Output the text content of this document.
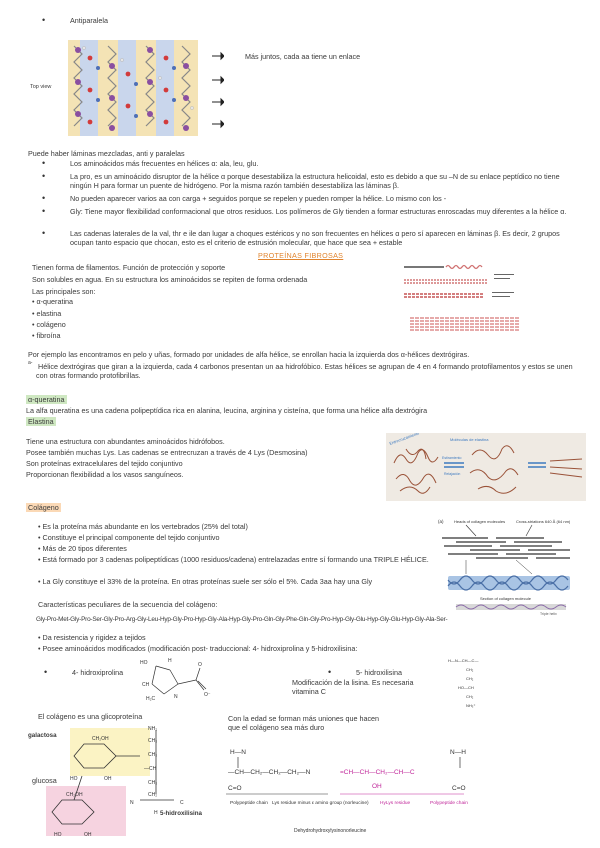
• Antiparalela
Top view
Más juntos, cada aa tiene un enlace
Puede haber láminas mezcladas, anti y paralelas
• Los aminoácidos más frecuentes en hélices α: ala, leu, glu.
• La pro, es un aminoácido disruptor de la hélice α porque desestabiliza la estructura helicoidal, esto es debido a que su –N de su enlace peptídico no tiene ningún H para formar un puente de hidrógeno. Por la misma razón también desestabiliza las láminas β.
• No pueden aparecer varios aa con carga + seguidos porque se repelen y pueden romper la hélice. Lo mismo con los -
• Gly: Tiene mayor flexibilidad conformacional que otros residuos. Los polímeros de Gly tienden a formar estructuras enroscadas muy diferentes a la hélice α.
• Las cadenas laterales de la val, thr e ile dan lugar a choques estéricos y no son frecuentes en hélices α pero sí aparecen en láminas β. Es decir, 2 grupos ocupan tanto espacio que chocan, esto es el criterio de estrusión molecular, que hace que sea + estable
PROTEÍNAS FIBROSAS
Tienen forma de filamentos. Función de protección y soporte
Son solubles en agua. En su estructura los aminoácidos se repiten de forma ordenada
Las principales son:
• α-queratina
• elastina
• colágeno
• fibroína
Por ejemplo las encontramos en pelo y uñas, formado por unidades de alfa hélice, se enrollan hacia la izquierda dos α-hélices dextrógiras.
a- Hélice dextrógiras que giran a la izquierda, cada 4 carbonos presentan un aa hidrofóbico. Estas hélices se agrupan de 4 en 4 formando protofilamentos y estos se unen con otras formando protofibrillas.
α-queratina
La alfa queratina es una cadena polipeptídica rica en alanina, leucina, arginina y cisteína, que forma una hélice alfa dextrógira
Elastina
Tiene una estructura con abundantes aminoácidos hidrófobos.
Posee también muchas Lys. Las cadenas se entrecruzan a través de 4 Lys (Desmosina)
Son proteínas extracelulares del tejido conjuntivo
Proporcionan flexibilidad a los vasos sanguíneos.
Entrecruzamiento	Moléculas de elastina
Estiramiento
Relajación
Colágeno
• Es la proteína más abundante en los vertebrados (25% del total)
• Constituye el principal componente del tejido conjuntivo
• Más de 20 tipos diferentes
• Está formado por 3 cadenas polipeptídicas (1000 residuos/cadena) entrelazadas entre sí formando una TRIPLE HÉLICE.
• La Gly constituye el 33% de la proteína. En otras proteínas suele ser sólo el 5%. Cada 3aa hay una Gly
(a)	Heads of collagen molecules	Cross-striations 640 Å (64 nm)
Section of collagen molecule
Triple helix
Características peculiares de la secuencia del colágeno:
Gly-Pro-Met-Gly-Pro-Ser-Gly-Pro-Arg-Gly-Leu-Hyp-Gly-Pro-Hyp-Gly-Ala-Hyp-Gly-Pro-Gln-Gly-Phe-Gln-Gly-Pro-Hyp-Gly-Glu-Hyp-Gly-Glu-Hyp-Gly-Ala-Ser-
• Da resistencia y rigidez a tejidos
• Posee aminoácidos modificados (modificación post- traduccional: 4- hidroxiprolina y 5-hidroxilisina:
• 4- hidroxiprolina
HO	H
CH
H₂C	N
O
O⁻
• 5- hidroxilisina
Modificación de la lisina. Es necesaria vitamina C
H—N—CH—C—
CH₂
CH₂
HO—CH
CH₂
NH₃⁺
El colágeno es una glicoproteína
galactosa
glucosa
CH₂OH
HO	OH
CH₂OH
HO	OH
NH₂
CH₂
CH₂
—CH
CH₂
CH₂
N	C
H 5-hidroxilisina
Con la edad se forman más uniones que hacen que el colágeno sea más duro
H—N
—CH—CH₂—CH₂—CH₂—N
C=O
=CH—CH—CH₂—CH—C
OH
N—H
C=O
Polypeptide chain Lys residue minus ε amino group (norleucine) HyLys residue	Polypeptide chain
Dehydrohydroxylysinonorleucine
